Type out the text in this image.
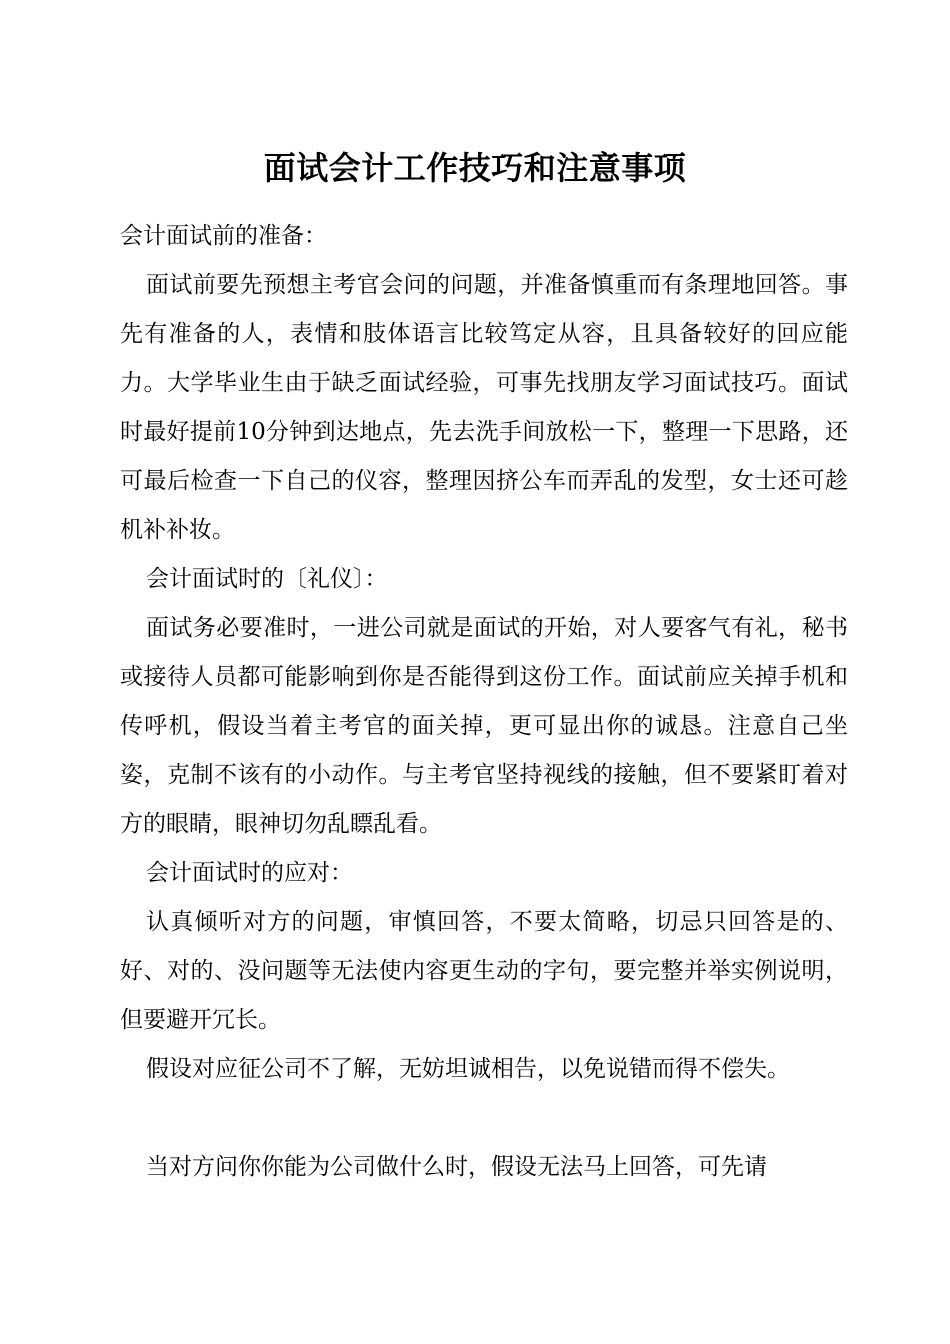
面试会计工作技巧和注意事项

会计面试前的准备：

面试前要先预想主考官会问的问题，并准备慎重而有条理地回答。事先有准备的人，表情和肢体语言比较笃定从容，且具备较好的回应能力。大学毕业生由于缺乏面试经验，可事先找朋友学习面试技巧。面试时最好提前10分钟到达地点，先去洗手间放松一下，整理一下思路，还可最后检查一下自己的仪容，整理因挤公车而弄乱的发型，女士还可趁机补补妆。

会计面试时的〔礼仪〕：

面试务必要准时，一进公司就是面试的开始，对人要客气有礼，秘书或接待人员都可能影响到你是否能得到这份工作。面试前应关掉手机和传呼机，假设当着主考官的面关掉，更可显出你的诚恳。注意自己坐姿，克制不该有的小动作。与主考官坚持视线的接触，但不要紧盯着对方的眼睛，眼神切勿乱瞟乱看。

会计面试时的应对：

认真倾听对方的问题，审慎回答，不要太简略，切忌只回答是的、好、对的、没问题等无法使内容更生动的字句，要完整并举实例说明，但要避开冗长。

假设对应征公司不了解，无妨坦诚相告，以免说错而得不偿失。

当对方问你你能为公司做什么时，假设无法马上回答，可先请
